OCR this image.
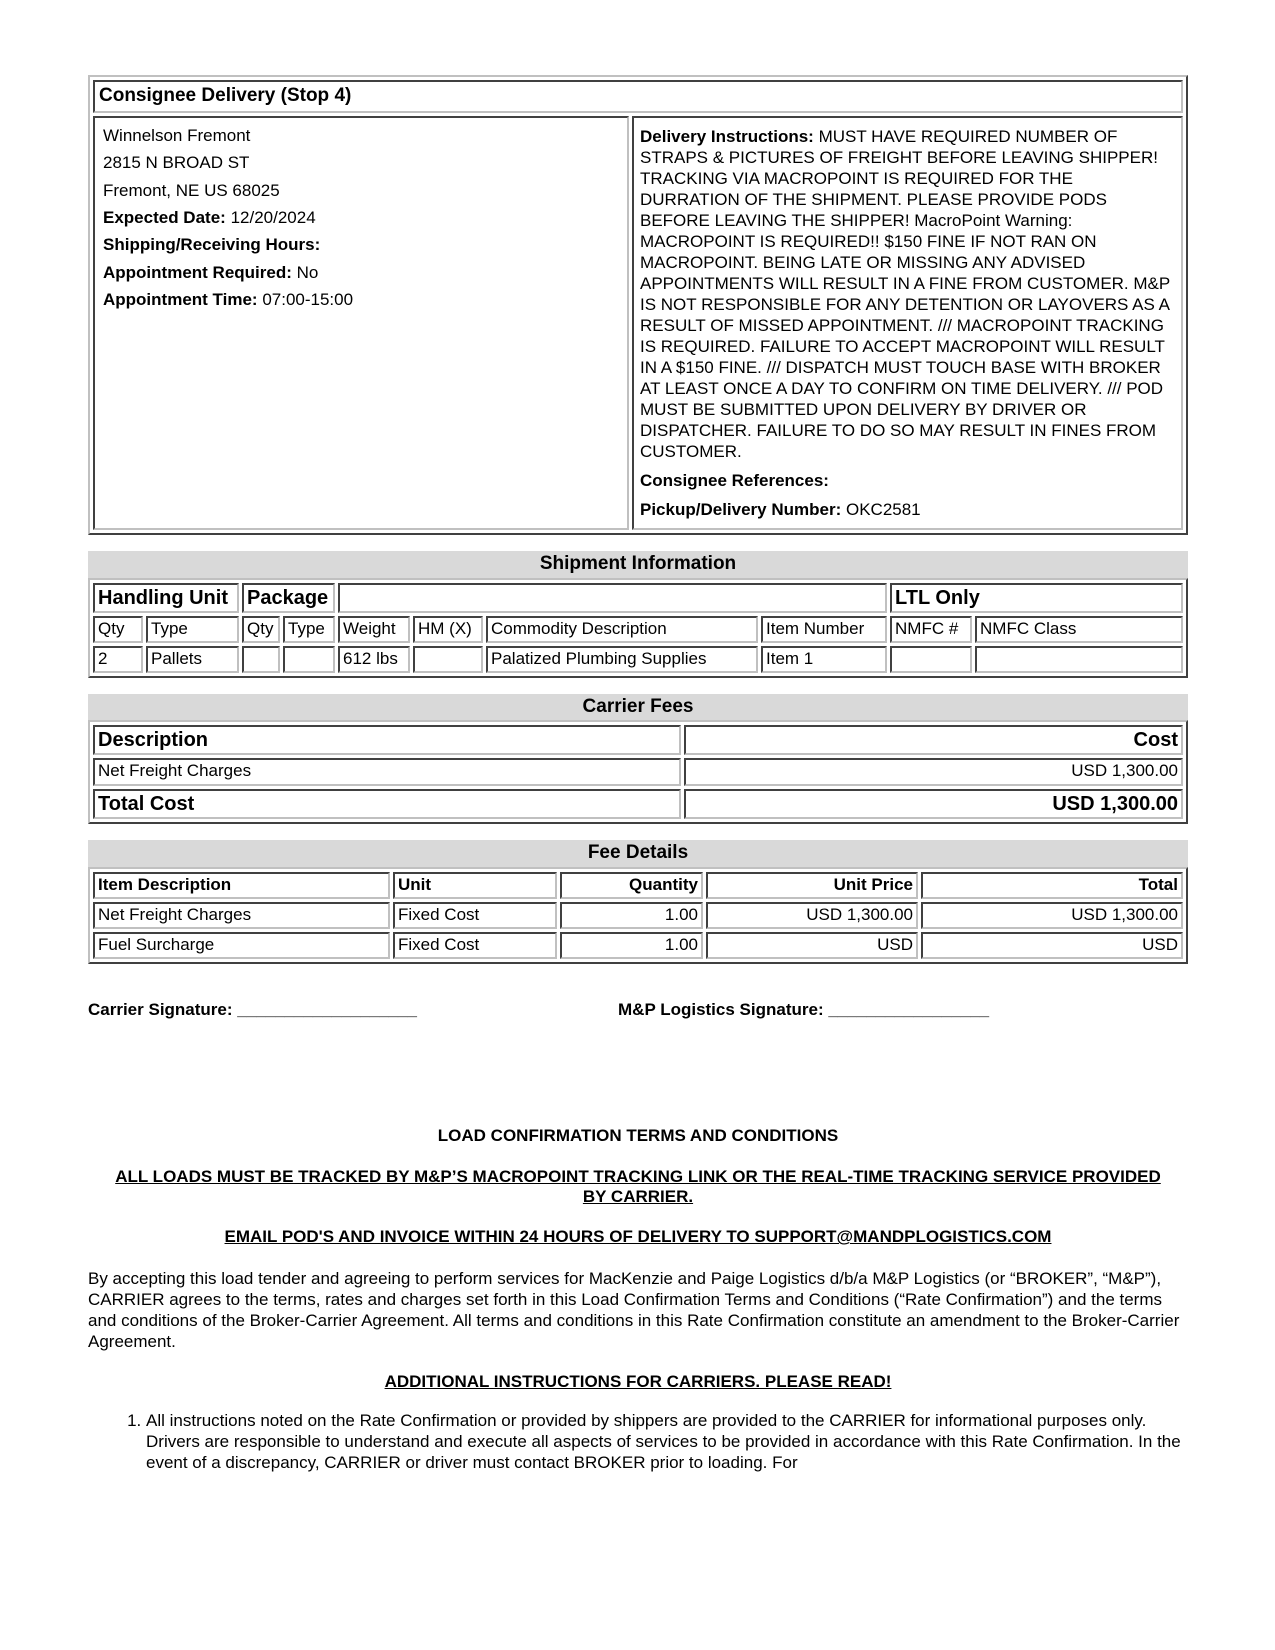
Consignee Delivery (Stop 4)

Winnelson Fremont
2815 N BROAD ST
Fremont, NE US 68025
Expected Date: 12/20/2024
Shipping/Receiving Hours:
Appointment Required: No
Appointment Time: 07:00-15:00

Delivery Instructions: MUST HAVE REQUIRED NUMBER OF STRAPS & PICTURES OF FREIGHT BEFORE LEAVING SHIPPER! TRACKING VIA MACROPOINT IS REQUIRED FOR THE DURRATION OF THE SHIPMENT. PLEASE PROVIDE PODS BEFORE LEAVING THE SHIPPER! MacroPoint Warning: MACROPOINT IS REQUIRED!! $150 FINE IF NOT RAN ON MACROPOINT. BEING LATE OR MISSING ANY ADVISED APPOINTMENTS WILL RESULT IN A FINE FROM CUSTOMER. M&P IS NOT RESPONSIBLE FOR ANY DETENTION OR LAYOVERS AS A RESULT OF MISSED APPOINTMENT. /// MACROPOINT TRACKING IS REQUIRED. FAILURE TO ACCEPT MACROPOINT WILL RESULT IN A $150 FINE. /// DISPATCH MUST TOUCH BASE WITH BROKER AT LEAST ONCE A DAY TO CONFIRM ON TIME DELIVERY. /// POD MUST BE SUBMITTED UPON DELIVERY BY DRIVER OR DISPATCHER. FAILURE TO DO SO MAY RESULT IN FINES FROM CUSTOMER.
Consignee References:
Pickup/Delivery Number: OKC2581
Shipment Information
Handling Unit		Package						LTL Only	
Qty	Type	Qty	Type	Weight	HM (X)	Commodity Description	Item Number	NMFC #	NMFC Class
2	Pallets			612 lbs		Palatized Plumbing Supplies	Item 1		
Carrier Fees
Description	Cost
Net Freight Charges	USD 1,300.00
Total Cost	USD 1,300.00
Fee Details
Item Description	Unit	Quantity	Unit Price	Total
Net Freight Charges	Fixed Cost	1.00	USD 1,300.00	USD 1,300.00
Fuel Surcharge	Fixed Cost	1.00	USD	USD
Carrier Signature: ___________________	M&P Logistics Signature: _________________

LOAD CONFIRMATION TERMS AND CONDITIONS

ALL LOADS MUST BE TRACKED BY M&P’S MACROPOINT TRACKING LINK OR THE REAL-TIME TRACKING SERVICE PROVIDED BY CARRIER.

EMAIL POD'S AND INVOICE WITHIN 24 HOURS OF DELIVERY TO SUPPORT@MANDPLOGISTICS.COM

By accepting this load tender and agreeing to perform services for MacKenzie and Paige Logistics d/b/a M&P Logistics (or “BROKER”, “M&P”), CARRIER agrees to the terms, rates and charges set forth in this Load Confirmation Terms and Conditions (“Rate Confirmation”) and the terms and conditions of the Broker-Carrier Agreement. All terms and conditions in this Rate Confirmation constitute an amendment to the Broker-Carrier Agreement.

ADDITIONAL INSTRUCTIONS FOR CARRIERS. PLEASE READ!

1. All instructions noted on the Rate Confirmation or provided by shippers are provided to the CARRIER for informational purposes only. Drivers are responsible to understand and execute all aspects of services to be provided in accordance with this Rate Confirmation. In the event of a discrepancy, CARRIER or driver must contact BROKER prior to loading. For
